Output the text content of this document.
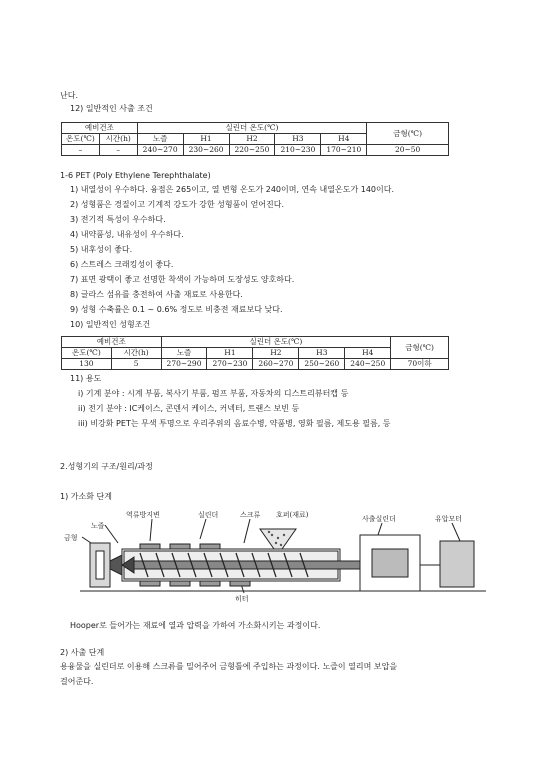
난다.
12) 일반적인 사출 조건
예비건조		실린더 온도(℃)					금형(℃)
온도(℃)	시간(h)	노즐	H1	H2	H3	H4	
–	–	240~270	230~260	220~250	210~230	170~210	20~50
1-6 PET (Poly Ethylene Terephthalate)
1) 내열성이 우수하다. 융점은 265이고, 열 변형 온도가 240이며, 연속 내열온도가 140이다.
2) 성형품은 경질이고 기계적 강도가 강한 성형품이 얻어진다.
3) 전기적 특성이 우수하다.
4) 내약품성, 내유성이 우수하다.
5) 내후성이 좋다.
6) 스트레스 크래킹성이 좋다.
7) 표면 광택이 좋고 선명한 착색이 가능하며 도장성도 양호하다.
8) 글라스 섬유를 충전하여 사출 재료로 사용한다.
9) 성형 수축률은 0.1 ~ 0.6% 정도로 비충전 재료보다 낮다.
10) 일반적인 성형조건
예비건조		실린더 온도(℃)					금형(℃)
온도(℃)	시간(h)	노즐	H1	H2	H3	H4	
130	5	270~290	270~230	260~270	250~260	240~250	70이하
11) 용도
i) 기계 분야 : 시계 부품, 복사기 부품, 펌프 부품, 자동차의 디스트리뷰터캡 등
ii) 전기 분야 : IC케이스, 콘덴서 케이스, 커넥터, 트랜스 보빈 등
iii) 비강화 PET는 무색 투명으로 우리주위의 음료수병, 약품병, 영화 필름, 제도용 필름, 등
2.성형기의 구조/원리/과정
1) 가소화 단계
역류방지변	실린더	스크류 호퍼(재료)	사출실린더	유압모터
노즐
금형
히터
Hooper로 들어가는 재료에 열과 압력을 가하여 가소화시키는 과정이다.
2) 사출 단계
용융물을 실린더로 이용해 스크류를 밀어주어 금형틀에 주입하는 과정이다. 노즐이 열리며 보압을
걸어준다.
